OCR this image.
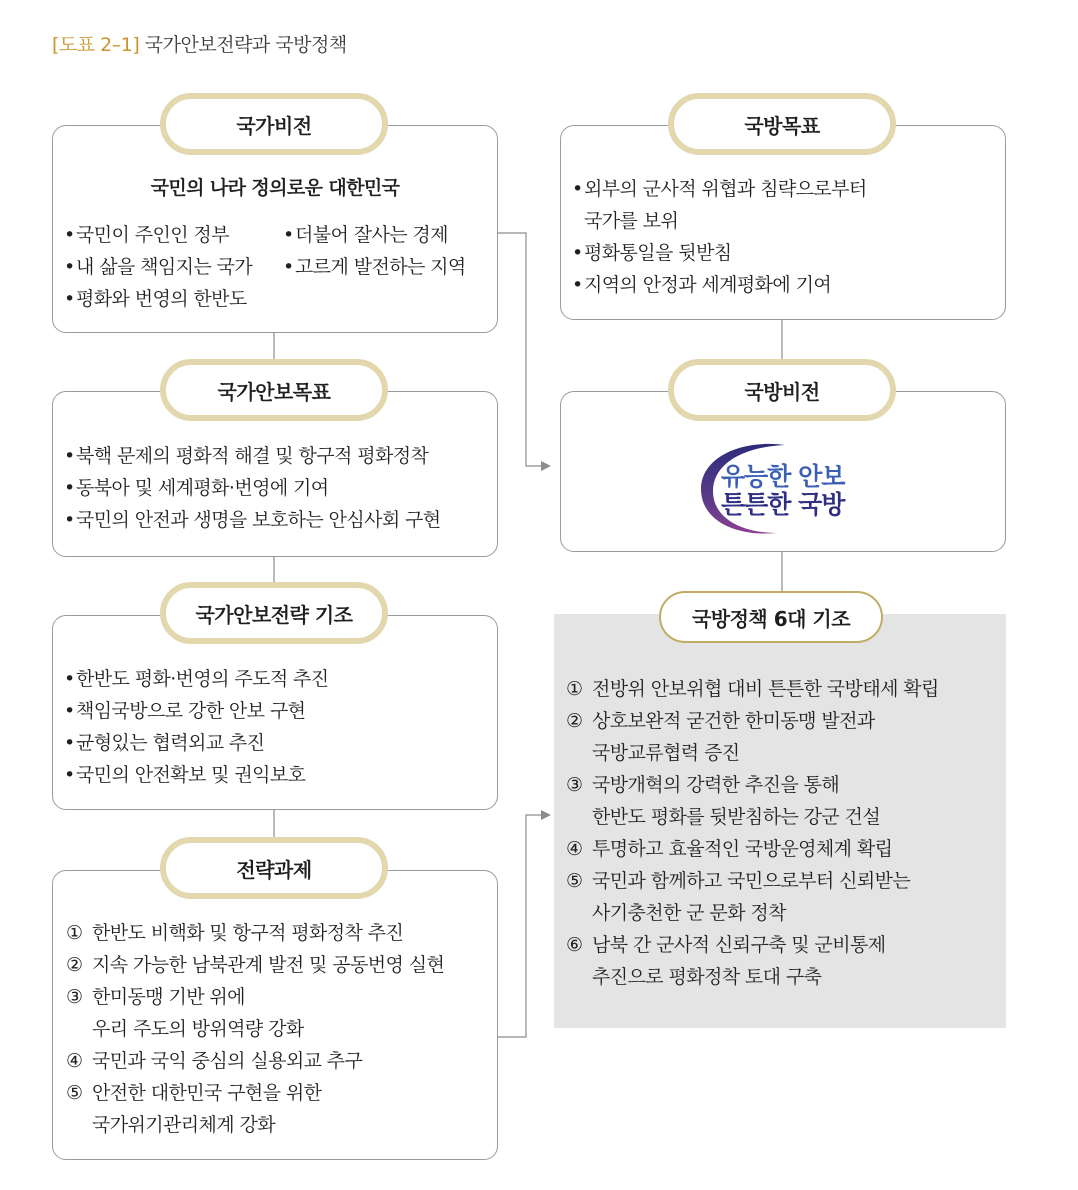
[도표 2–1] 국가안보전략과 국방정책
국가비전
국민의 나라 정의로운 대한민국
•국민이 주인인 정부
•내 삶을 책임지는 국가
•평화와 번영의 한반도
•더불어 잘사는 경제
•고르게 발전하는 지역
국가안보목표
•북핵 문제의 평화적 해결 및 항구적 평화정착
•동북아 및 세계평화·번영에 기여
•국민의 안전과 생명을 보호하는 안심사회 구현
국가안보전략 기조
•한반도 평화·번영의 주도적 추진
•책임국방으로 강한 안보 구현
•균형있는 협력외교 추진
•국민의 안전확보 및 권익보호
전략과제
① 한반도 비핵화 및 항구적 평화정착 추진
② 지속 가능한 남북관계 발전 및 공동번영 실현
③ 한미동맹 기반 위에
우리 주도의 방위역량 강화
④ 국민과 국익 중심의 실용외교 추구
⑤ 안전한 대한민국 구현을 위한
국가위기관리체계 강화
국방목표
•외부의 군사적 위협과 침략으로부터
국가를 보위
•평화통일을 뒷받침
•지역의 안정과 세계평화에 기여
국방비전
유능한 안보
튼튼한 국방
국방정책 6대 기조
① 전방위 안보위협 대비 튼튼한 국방태세 확립
② 상호보완적 굳건한 한미동맹 발전과
국방교류협력 증진
③ 국방개혁의 강력한 추진을 통해
한반도 평화를 뒷받침하는 강군 건설
④ 투명하고 효율적인 국방운영체계 확립
⑤ 국민과 함께하고 국민으로부터 신뢰받는
사기충천한 군 문화 정착
⑥ 남북 간 군사적 신뢰구축 및 군비통제
추진으로 평화정착 토대 구축
